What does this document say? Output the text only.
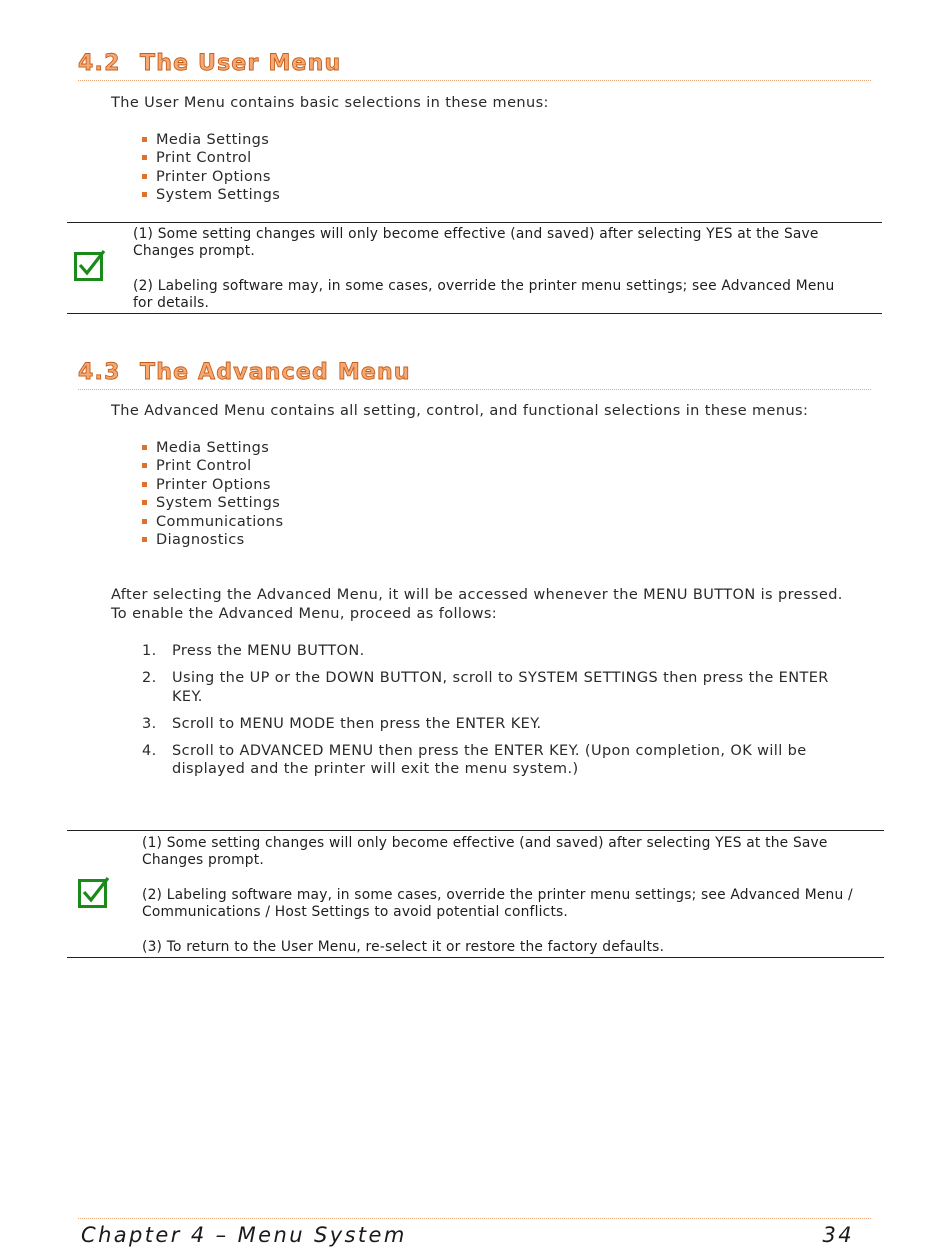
4.2 The User Menu
The User Menu contains basic selections in these menus:
Media Settings
Print Control
Printer Options
System Settings

(1) Some setting changes will only become effective (and saved) after selecting YES at the Save Changes prompt.

(2) Labeling software may, in some cases, override the printer menu settings; see Advanced Menu for details.

4.3 The Advanced Menu
The Advanced Menu contains all setting, control, and functional selections in these menus:
Media Settings
Print Control
Printer Options
System Settings
Communications
Diagnostics
After selecting the Advanced Menu, it will be accessed whenever the MENU BUTTON is pressed.
To enable the Advanced Menu, proceed as follows:
1. Press the MENU BUTTON.
2. Using the UP or the DOWN BUTTON, scroll to SYSTEM SETTINGS then press the ENTER KEY.
3. Scroll to MENU MODE then press the ENTER KEY.
4. Scroll to ADVANCED MENU then press the ENTER KEY. (Upon completion, OK will be displayed and the printer will exit the menu system.)

(1) Some setting changes will only become effective (and saved) after selecting YES at the Save Changes prompt.

(2) Labeling software may, in some cases, override the printer menu settings; see Advanced Menu / Communications / Host Settings to avoid potential conflicts.

(3) To return to the User Menu, re-select it or restore the factory defaults.

Chapter 4 – Menu System	34
